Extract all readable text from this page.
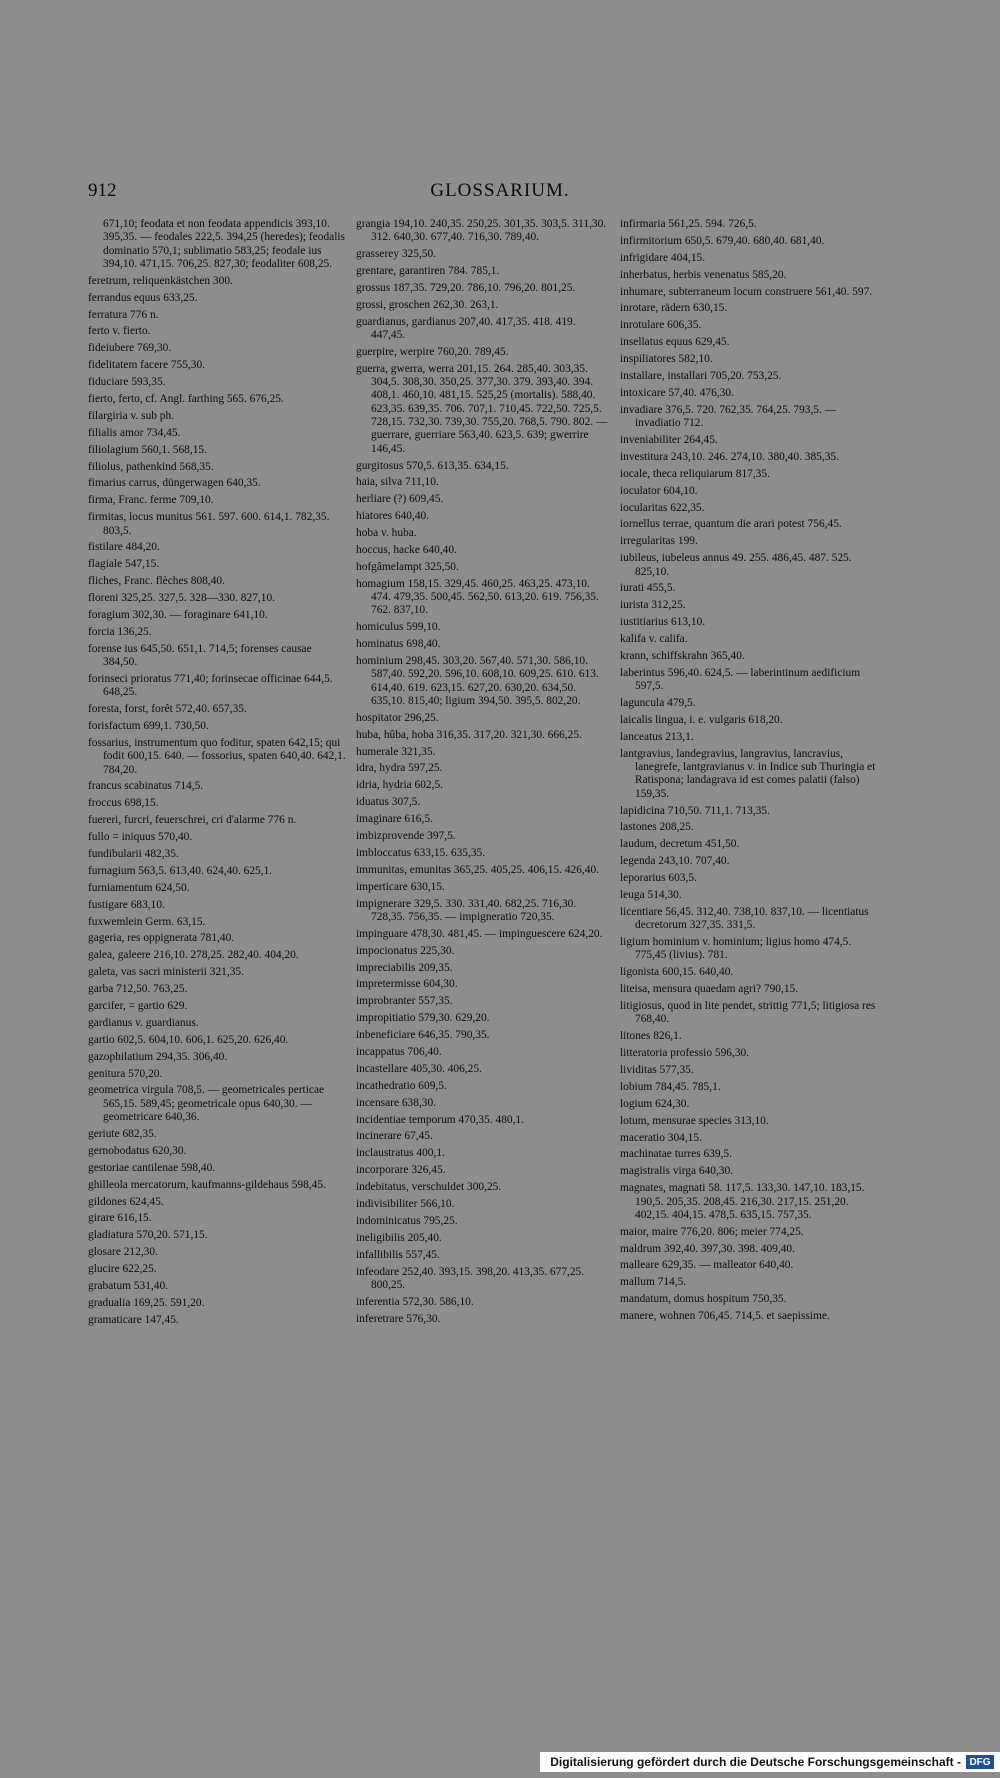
912	GLOSSARIUM.
671,10; feodata et non feodata appendicis 393,10. 395,35. — feodales 222,5. 394,25 (heredes); feodalis dominatio 570,1; sublimatio 583,25; feodale ius 394,10. 471,15. 706,25. 827,30; feodaliter 608,25.
feretrum, reliquenkästchen 300.
ferrandus equus 633,25.
ferratura 776 n.
ferto v. fierto.
fideiubere 769,30.
fidelitatem facere 755,30.
fiduciare 593,35.
fierto, ferto, cf. Angl. farthing 565. 676,25.
filargiria v. sub ph.
filialis amor 734,45.
filiolagium 560,1. 568,15.
filiolus, pathenkind 568,35.
fimarius carrus, düngerwagen 640,35.
firma, Franc. ferme 709,10.
firmitas, locus munitus 561. 597. 600. 614,1. 782,35. 803,5.
fistilare 484,20.
flagiale 547,15.
fliches, Franc. flèches 808,40.
floreni 325,25. 327,5. 328—330. 827,10.
foragium 302,30. — foraginare 641,10.
forcia 136,25.
forense ius 645,50. 651,1. 714,5; forenses causae 384,50.
forinseci prioratus 771,40; forinsecae officinae 644,5. 648,25.
foresta, forst, forêt 572,40. 657,35.
forisfactum 699,1. 730,50.
fossarius, instrumentum quo foditur, spaten 642,15; qui fodit 600,15. 640. — fossorius, spaten 640,40. 642,1. 784,20.
francus scabinatus 714,5.
froccus 698,15.
fuereri, furcri, feuerschrei, cri d'alarme 776 n.
fullo = iniquus 570,40.
fundibularii 482,35.
furnagium 563,5. 613,40. 624,40. 625,1.
furniamentum 624,50.
fustigare 683,10.
fuxwemlein Germ. 63,15.
gageria, res oppignerata 781,40.
galea, galeere 216,10. 278,25. 282,40. 404,20.
galeta, vas sacri ministerii 321,35.
garba 712,50. 763,25.
garcifer, = gartio 629.
gardianus v. guardianus.
gartio 602,5. 604,10. 606,1. 625,20. 626,40.
gazophilatium 294,35. 306,40.
genitura 570,20.
geometrica virgula 708,5. — geometricales perticae 565,15. 589,45; geometricale opus 640,30. — geometricare 640,36.
geriute 682,35.
gernobodatus 620,30.
gestoriae cantilenae 598,40.
ghilleola mercatorum, kaufmanns-gildehaus 598,45.
gildones 624,45.
girare 616,15.
gladiatura 570,20. 571,15.
glosare 212,30.
glucire 622,25.
grabatum 531,40.
gradualia 169,25. 591,20.
gramaticare 147,45.
grangia 194,10. 240,35. 250,25. 301,35. 303,5. 311,30. 312. 640,30. 677,40. 716,30. 789,40.
grasserey 325,50.
grentare, garantiren 784. 785,1.
grossus 187,35. 729,20. 786,10. 796,20. 801,25.
grossi, groschen 262,30. 263,1.
guardianus, gardianus 207,40. 417,35. 418. 419. 447,45.
guerpire, werpire 760,20. 789,45.
guerra, gwerra, werra 201,15. 264. 285,40. 303,35. 304,5. 308,30. 350,25. 377,30. 379. 393,40. 394. 408,1. 460,10. 481,15. 525,25 (mortalis). 588,40. 623,35. 639,35. 706. 707,1. 710,45. 722,50. 725,5. 728,15. 732,30. 739,30. 755,20. 768,5. 790. 802. — guerrare, guerriare 563,40. 623,5. 639; gwerrire 146,45.
gurgitosus 570,5. 613,35. 634,15.
haia, silva 711,10.
herliare (?) 609,45.
hiatores 640,40.
hoba v. huba.
hoccus, hacke 640,40.
hofgâmelampt 325,50.
homagium 158,15. 329,45. 460,25. 463,25. 473,10. 474. 479,35. 500,45. 562,50. 613,20. 619. 756,35. 762. 837,10.
homiculus 599,10.
hominatus 698,40.
hominium 298,45. 303,20. 567,40. 571,30. 586,10. 587,40. 592,20. 596,10. 608,10. 609,25. 610. 613. 614,40. 619. 623,15. 627,20. 630,20. 634,50. 635,10. 815,40; ligium 394,50. 395,5. 802,20.
hospitator 296,25.
huba, hûba, hoba 316,35. 317,20. 321,30. 666,25.
humerale 321,35.
idra, hydra 597,25.
idria, hydria 602,5.
iduatus 307,5.
imaginare 616,5.
imbizprovende 397,5.
imbloccatus 633,15. 635,35.
immunitas, emunitas 365,25. 405,25. 406,15. 426,40.
imperticare 630,15.
impignerare 329,5. 330. 331,40. 682,25. 716,30. 728,35. 756,35. — impigneratio 720,35.
impinguare 478,30. 481,45. — impinguescere 624,20.
impocionatus 225,30.
impreciabilis 209,35.
impretermisse 604,30.
improbranter 557,35.
impropitiatio 579,30. 629,20.
inbeneficiare 646,35. 790,35.
incappatus 706,40.
incastellare 405,30. 406,25.
incathedratio 609,5.
incensare 638,30.
incidentiae temporum 470,35. 480,1.
incinerare 67,45.
inclaustratus 400,1.
incorporare 326,45.
indebitatus, verschuldet 300,25.
indivisibiliter 566,10.
indominicatus 795,25.
ineligibilis 205,40.
infallibilis 557,45.
infeodare 252,40. 393,15. 398,20. 413,35. 677,25. 800,25.
inferentia 572,30. 586,10.
inferetrare 576,30.
infirmaria 561,25. 594. 726,5.
infirmitorium 650,5. 679,40. 680,40. 681,40.
infrigidare 404,15.
inherbatus, herbis venenatus 585,20.
inhumare, subterraneum locum construere 561,40. 597.
inrotare, rädern 630,15.
inrotulare 606,35.
insellatus equus 629,45.
inspiliatores 582,10.
installare, installari 705,20. 753,25.
intoxicare 57,40. 476,30.
invadiare 376,5. 720. 762,35. 764,25. 793,5. — invadiatio 712.
inveniabiliter 264,45.
investitura 243,10. 246. 274,10. 380,40. 385,35.
iocale, theca reliquiarum 817,35.
ioculator 604,10.
iocularitas 622,35.
iornellus terrae, quantum die arari potest 756,45.
irregularitas 199.
iubileus, iubeleus annus 49. 255. 486,45. 487. 525. 825,10.
iurati 455,5.
iurista 312,25.
iustitiarius 613,10.
kalifa v. califa.
krann, schiffskrahn 365,40.
laberintus 596,40. 624,5. — laberintinum aedificium 597,5.
laguncula 479,5.
laicalis lingua, i. e. vulgaris 618,20.
lanceatus 213,1.
lantgravius, landegravius, langravius, lancravius, lanegrefe, lantgravianus v. in Indice sub Thuringia et Ratispona; landagrava id est comes palatii (falso) 159,35.
lapidicina 710,50. 711,1. 713,35.
lastones 208,25.
laudum, decretum 451,50.
legenda 243,10. 707,40.
leporarius 603,5.
leuga 514,30.
licentiare 56,45. 312,40. 738,10. 837,10. — licentiatus decretorum 327,35. 331,5.
ligium hominium v. hominium; ligius homo 474,5. 775,45 (livius). 781.
ligonista 600,15. 640,40.
liteisa, mensura quaedam agri? 790,15.
litigiosus, quod in lite pendet, strittig 771,5; litigiosa res 768,40.
litones 826,1.
litteratoria professio 596,30.
lividitas 577,35.
lobium 784,45. 785,1.
logium 624,30.
lotum, mensurae species 313,10.
maceratio 304,15.
machinatae turres 639,5.
magistralis virga 640,30.
magnates, magnati 58. 117,5. 133,30. 147,10. 183,15. 190,5. 205,35. 208,45. 216,30. 217,15. 251,20. 402,15. 404,15. 478,5. 635,15. 757,35.
maior, maire 776,20. 806; meier 774,25.
maldrum 392,40. 397,30. 398. 409,40.
malleare 629,35. — malleator 640,40.
mallum 714,5.
mandatum, domus hospitum 750,35.
manere, wohnen 706,45. 714,5. et saepissime.
Digitalisierung gefördert durch die Deutsche Forschungsgemeinschaft - DFG
